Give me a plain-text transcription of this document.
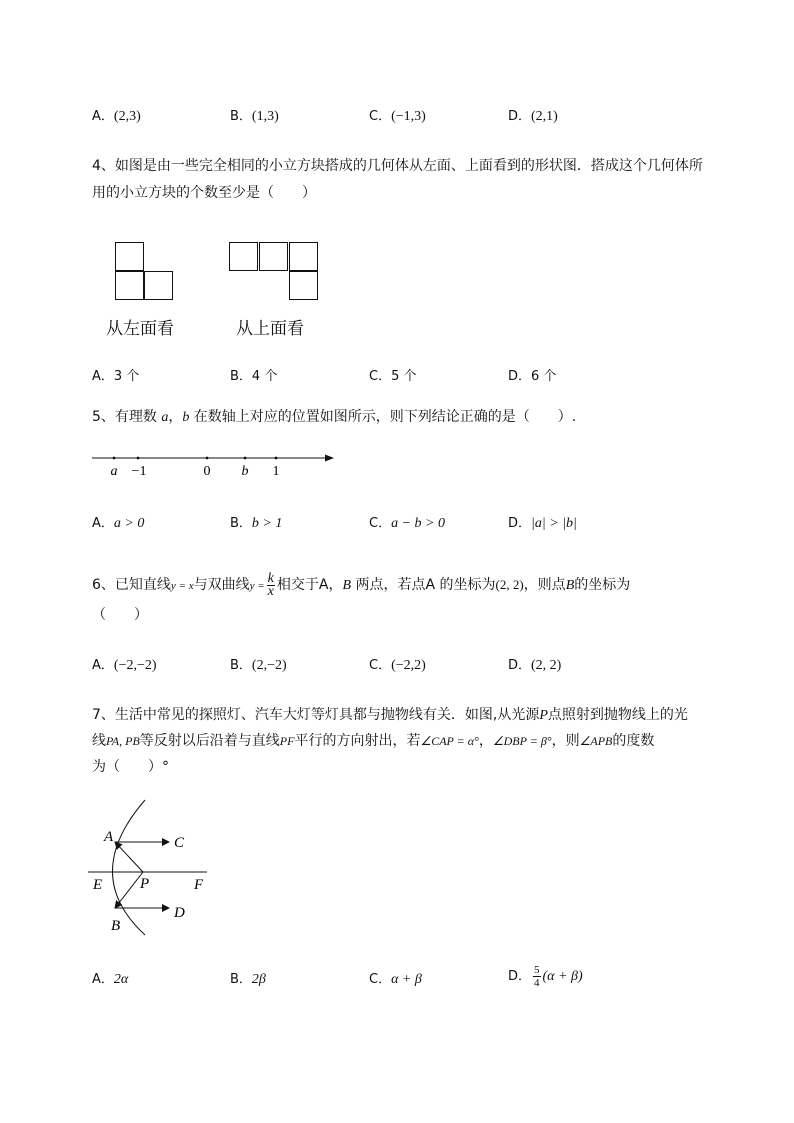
A．(2,3)	B．(1,3)	C．(−1,3)	D．(2,1)
4、如图是由一些完全相同的小立方块搭成的几何体从左面、上面看到的形状图．搭成这个几何体所
用的小立方块的个数至少是（　　）
从左面看	从上面看
A．3 个	B．4 个	C．5 个	D．6 个
5、有理数 a，b 在数轴上对应的位置如图所示，则下列结论正确的是（　　）.
a −1	0 b 1
A．a > 0	B．b > 1	C．a − b > 0	D．|a| > |b|
6、已知直线y = x与双曲线$y = \frac{k}{x}$ 相交于A，B 两点，若点A 的坐标为(2, 2)，则点B的坐标为
（　　）
A．(−2,−2)	B．(2,−2)	C．(−2,2)	D．(2, 2)
7、生活中常见的探照灯、汽车大灯等灯具都与抛物线有关．如图,从光源P点照射到抛物线上的光
线PA, PB等反射以后沿着与直线PF平行的方向射出，若∠CAP = α°，∠DBP = β°，则∠APB的度数
为（　　）°
A	C
E	P	F
D
B
A．2α	B．2β	C．α + β	D． $\frac{5}{4} (\alpha + \beta)$
